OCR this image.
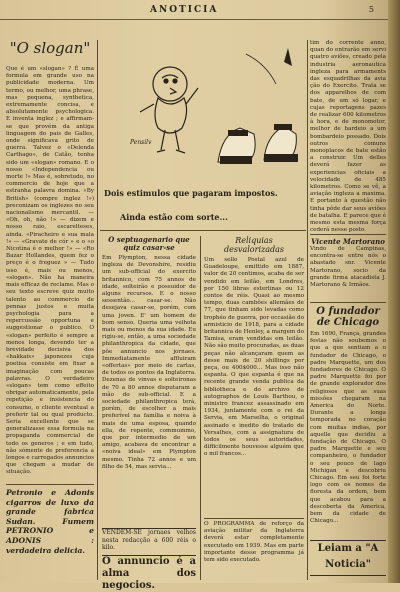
ANOTICIA	5

"O slogan"

Que é um «slogan» ? É uma formula em grande uso na publicidade moderna. Um termo, ou melhor, uma phrase, mas pequena, synthetica, extremamente concisa, e absolutamente psychologica. E inventa inglez ; e affirmam-se que provém da antiga linguagem do pais de Galles, onde significava grito de guerra. Talvez o «Delenda Carthago», de Catão, tenha sido um «slogan» romano. E o nosso «Independencia ou morte !» Mas é, sobretudo, no commercio de hoje que a estranha palavra domina. «By British» (compre inglez !») preconizam os inglezes no seu nacionalismo mercantil. — «Oh, oh, não !» — dizem e nosso raio, escarelteses, ainda. «Piracheiro e sua mala !» — «Gravate de cór » e o «o Nicotina é o melhor !» — «Ro Bazar Hollandes, quem fez o preço é o freguez » — Tudo isso é, mais ou menos, «slogan». Não ha maneira mais efficaz de reclame. Mas o seu texto escreve quiz muito talento ao commercio de pennas justos e muita psychologia para a repercussão opportuna e suggestionar o publico. O «slogan» perfeito é sempre a menos longa, devendo ter a brevidade decisiva dos «hakkais» japonezes cuja poetisa consiste em fixar a imaginação com poucas palavras. O verdadeiro «slogan» tem como effeito obrigar automaticamente, pela repetição e insistencia do consumo, o cliente eventual a preferir tal ou qual producto. Seria excellente que se generalizasse essa formula na propaganda commercial de todo os generos ; e em tudo, não sómente de preferencia a longos e carregados annuncios que chegam a mudar de situação.

Petronio e Adonis cigarros de luxo da grande fabrica Sudan. Fumem PETRONIO e ADONIS : verdadeira delicia.

Pensilv
Dois estimulos que pagaram impostos.
Ainda estão com sorte...

O septuagenario que quiz casar-se

Em Plympton, nessa cidade ingleza de Devonshire, residiu um sub-official do exercito britannico, com 75 annos de idade, solteirão e possuidor de alguns recursos. E o nosso sessentão... casar-se. Não desejava casar-se, porém, com uma joven. E' um homem de bom senso. Queria uma velhota mais ou menos da sua idade. Eu rigiu-se, então, a uma sociedade philanthropica da cidade, que põe annuncio nos jornaes. Immediatamente affluiram «offertas» por meio de cartas, de todos os pontos da Inglaterra. Dezenas de vinvas e solteironas de 70 a 80 annos disputaram a mão do sub-official. E a sociedade philanthropica terá, porém, de escolher a mais preferível na família e noiva à mais de uma esposa, quando ella, de repente, commummo, que por intermedio de um amigo, acabava de encontrar a «noiva ideal» em Plympton mesmo. Tinha 72 annos e um filho de 54, mas servia...

VENDEM-SE jornaes velhos nesta redacção a 600 réis o kilo.

O annuncio é a alma dos negocios.

Reliquias desvalorizadas

Um sello Postal azul de Guadeloupe, emittido em 1887, valor de 20 centimos, acaba de ser vendido em leilão, em Londres, por 150 libras esterlinas ou 12 contos de réis. Quasi ao mesmo tempo, duas cambões allemães de 77, que tinham sido levadas como trophéo de guerra, por occasião do armisticio de 1918, para a cidade britannica de Henley, a margem do Tamisa, eram vendidas em leilão. Não são muito procuradas, as duas peças não alcançaram quem as desse mais de 20 shillings por peça, ou 400$000... Mas isso não espanta. O que espanta é que na recente grande venda publica da bibliotheca e do archivo de autographos de Louis Barthou, o ministro francez assassinado em 1934, juntamente com o rei da Servia, em Marselha, o original assinado e inedito do tratado de Versalhes, com a assignatura de todos os seus autoridades, difficilmente houvesse alguém que o mil francos...

O PROGRAMMA de reforço da aviação militar da Inglaterra deverá estar completamente executado em 1939. Mas em parte importante desse programma já tem sido executado.

tim do corrente anno, quan do entrarão em servi quatro aviões, creado pela industria aeronautica ingleza para armaments das esquadrilhas da avia ção do Exercito. Trata se dos apparelhos de com bate, de um só logar, e cujas reportagens pazes de realizar 600 kilometros à hora, e de monomotor, melhor de bardeio a um bombardeio possado. Dois outros comuns monoplacos de bate estão a construir. Um delles deverá fazer as experiencias oficiais a velocidade de 485 kilometros. Como se vê, a aviação ingleza a maxima. E portanto à questão não tinha pôde dar seus aviões de batalha. E parece que é mesmo esta mesma força cederá nesse posto.

Vicente Martorano

Vindo de Campinas, encontra-se entre nós o abastado snr. Vicente Martorano, socio da grande firma atacadista J. Martorano & Irmãos.

O fundador de Chicago

Em 1690, França, grandes festas não soubemos o que a que sentiam a o fundador de Chicago, o padre Marquette, um dos fundadores de Chicago. O padre Marquette foi por de grande explorador dos religiosos que as suas missões chegaram na America do Norte. Durante a longa temporada no coração com muitas indias, por aquelle que decidiu a fundação de Chicago. O padre Marquette e seu companheiro, o fundador o seu pouco de lago Michigan e descobriu Chicago. Em seu foi forte logo com os nomes da floresta da ordem, bem que acabou para a descoberta da America, bem da cidade de Chicago...

Leiam a "A Noticia"
